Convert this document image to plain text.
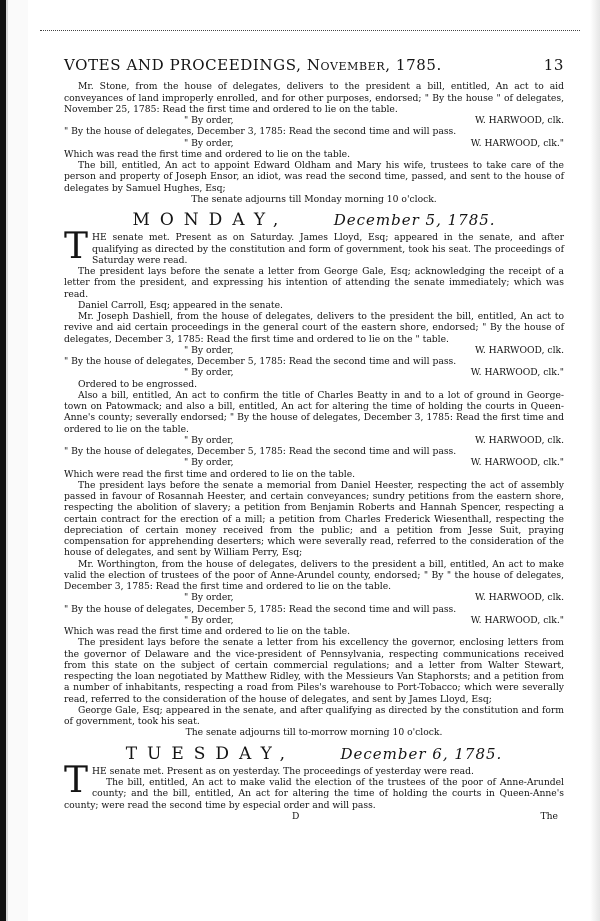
VOTES AND PROCEEDINGS, November, 1785.	13

Mr. Stone, from the house of delegates, delivers to the president a bill, entitled, An act to aid conveyances of land improperly enrolled, and for other purposes, endorsed; " By the house " of delegates, November 25, 1785: Read the first time and ordered to lie on the table.

" By order,	W. HARWOOD, clk.

" By the house of delegates, December 3, 1785: Read the second time and will pass.

" By order,	W. HARWOOD, clk."

Which was read the first time and ordered to lie on the table.

The bill, entitled, An act to appoint Edward Oldham and Mary his wife, trustees to take care of the person and property of Joseph Ensor, an idiot, was read the second time, passed, and sent to the house of delegates by Samuel Hughes, Esq;

The senate adjourns till Monday morning 10 o'clock.

MONDAY,	December 5, 1785.

T HE senate met. Present as on Saturday. James Lloyd, Esq; appeared in the senate, and after qualifying as directed by the constitution and form of government, took his seat. The proceedings of Saturday were read.

The president lays before the senate a letter from George Gale, Esq; acknowledging the receipt of a letter from the president, and expressing his intention of attending the senate immediately; which was read.

Daniel Carroll, Esq; appeared in the senate.

Mr. Joseph Dashiell, from the house of delegates, delivers to the president the bill, entitled, An act to revive and aid certain proceedings in the general court of the eastern shore, endorsed; " By the house of delegates, December 3, 1785: Read the first time and ordered to lie on the " table.

" By order,	W. HARWOOD, clk.

" By the house of delegates, December 5, 1785: Read the second time and will pass.

" By order,	W. HARWOOD, clk."

Ordered to be engrossed.

Also a bill, entitled, An act to confirm the title of Charles Beatty in and to a lot of ground in George-town on Patowmack; and also a bill, entitled, An act for altering the time of holding the courts in Queen-Anne's county; severally endorsed; " By the house of delegates, December 3, 1785: Read the first time and ordered to lie on the table.

" By order,	W. HARWOOD, clk.

" By the house of delegates, December 5, 1785: Read the second time and will pass.

" By order,	W. HARWOOD, clk."

Which were read the first time and ordered to lie on the table.

The president lays before the senate a memorial from Daniel Heester, respecting the act of assembly passed in favour of Rosannah Heester, and certain conveyances; sundry petitions from the eastern shore, respecting the abolition of slavery; a petition from Benjamin Roberts and Hannah Spencer, respecting a certain contract for the erection of a mill; a petition from Charles Frederick Wiesenthall, respecting the depreciation of certain money received from the public; and a petition from Jesse Suit, praying compensation for apprehending deserters; which were severally read, referred to the consideration of the house of delegates, and sent by William Perry, Esq;

Mr. Worthington, from the house of delegates, delivers to the president a bill, entitled, An act to make valid the election of trustees of the poor of Anne-Arundel county, endorsed; " By " the house of delegates, December 3, 1785: Read the first time and ordered to lie on the table.

" By order,	W. HARWOOD, clk.

" By the house of delegates, December 5, 1785: Read the second time and will pass.

" By order,	W. HARWOOD, clk."

Which was read the first time and ordered to lie on the table.

The president lays before the senate a letter from his excellency the governor, enclosing letters from the governor of Delaware and the vice-president of Pennsylvania, respecting communications received from this state on the subject of certain commercial regulations; and a letter from Walter Stewart, respecting the loan negotiated by Matthew Ridley, with the Messieurs Van Staphorsts; and a petition from a number of inhabitants, respecting a road from Piles's warehouse to Port-Tobacco; which were severally read, referred to the consideration of the house of delegates, and sent by James Lloyd, Esq;

George Gale, Esq; appeared in the senate, and after qualifying as directed by the constitution and form of government, took his seat.

The senate adjourns till to-morrow morning 10 o'clock.

TUESDAY,	December 6, 1785.

T HE senate met. Present as on yesterday. The proceedings of yesterday were read.

The bill, entitled, An act to make valid the election of the trustees of the poor of Anne-Arundel county; and the bill, entitled, An act for altering the time of holding the courts in Queen-Anne's county; were read the second time by especial order and will pass.

D	The
